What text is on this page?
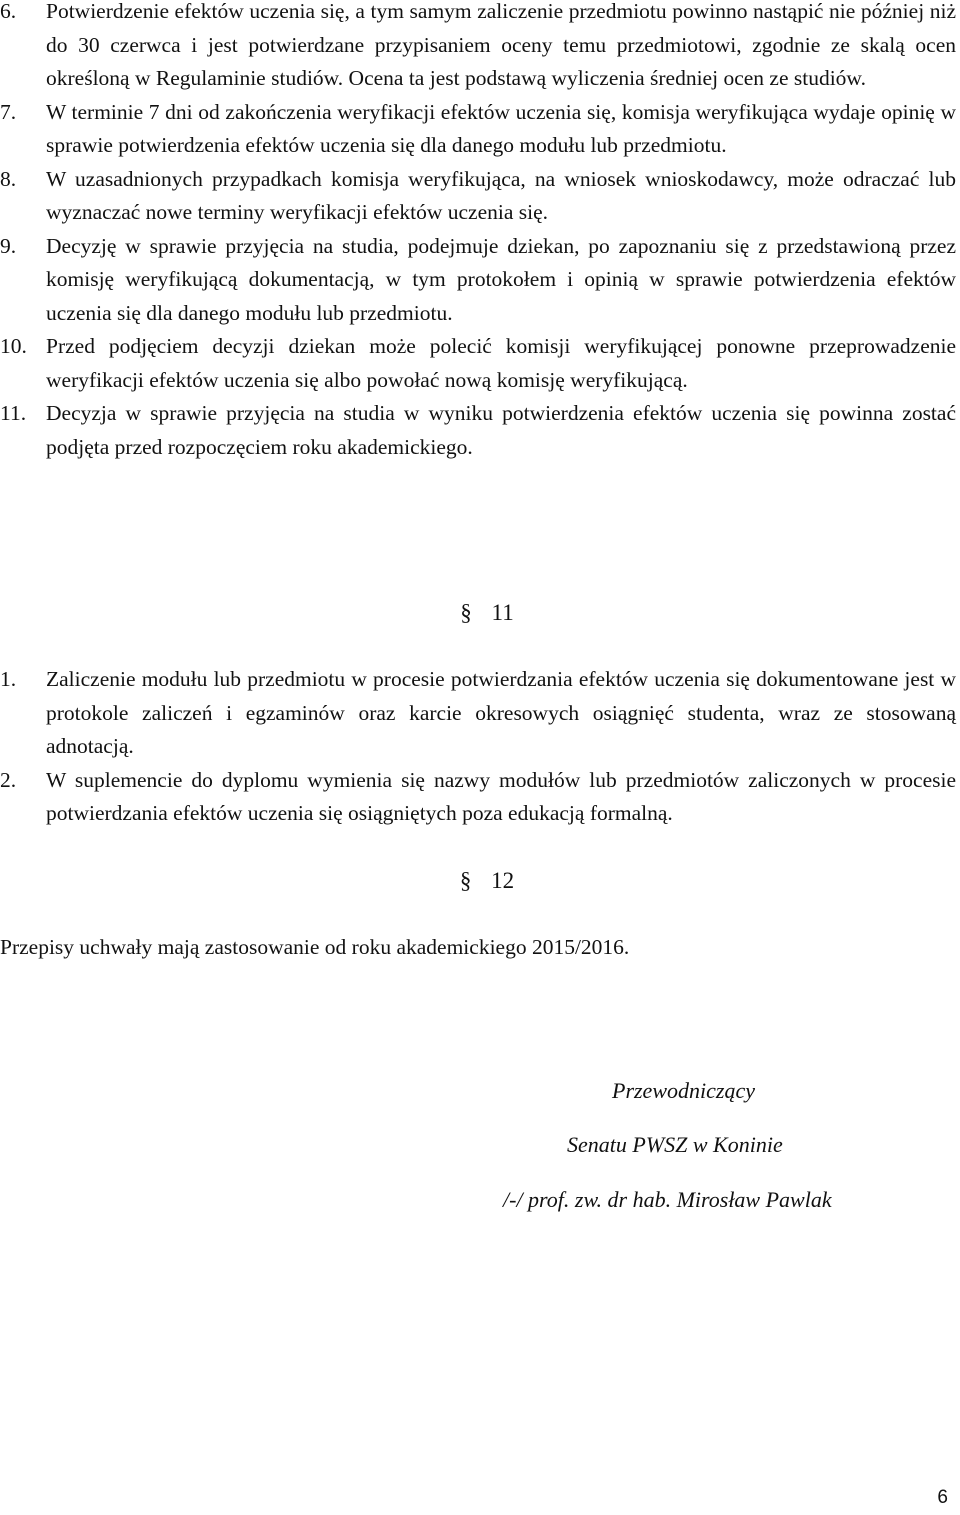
6.	Potwierdzenie efektów uczenia się, a tym samym zaliczenie przedmiotu powinno nastąpić nie później niż do 30 czerwca i jest potwierdzane przypisaniem oceny temu przedmiotowi, zgodnie ze skalą ocen określoną w Regulaminie studiów. Ocena ta jest podstawą wyliczenia średniej ocen ze studiów.
7.	W terminie 7 dni od zakończenia weryfikacji efektów uczenia się, komisja weryfikująca wydaje opinię w sprawie potwierdzenia efektów uczenia się dla danego modułu lub przedmiotu.
8.	W uzasadnionych przypadkach komisja weryfikująca, na wniosek wnioskodawcy, może odraczać lub wyznaczać nowe terminy weryfikacji efektów uczenia się.
9.	Decyzję w sprawie przyjęcia na studia, podejmuje dziekan, po zapoznaniu się z przedstawioną przez komisję weryfikującą dokumentacją, w tym protokołem i opinią w sprawie potwierdzenia efektów uczenia się dla danego modułu lub przedmiotu.
10. Przed podjęciem decyzji dziekan może polecić komisji weryfikującej ponowne przeprowadzenie weryfikacji efektów uczenia się albo powołać nową komisję weryfikującą.
11. Decyzja w sprawie przyjęcia na studia w wyniku potwierdzenia efektów uczenia się powinna zostać podjęta przed rozpoczęciem roku akademickiego.
§ 11
1.	Zaliczenie modułu lub przedmiotu w procesie potwierdzania efektów uczenia się dokumentowane jest w protokole zaliczeń i egzaminów oraz karcie okresowych osiągnięć studenta, wraz ze stosowaną adnotacją.
2.	W suplemencie do dyplomu wymienia się nazwy modułów lub przedmiotów zaliczonych w procesie potwierdzania efektów uczenia się osiągniętych poza edukacją formalną.
§ 12
Przepisy uchwały mają zastosowanie od roku akademickiego 2015/2016.
Przewodniczący
Senatu PWSZ w Koninie
/-/ prof. zw. dr hab. Mirosław Pawlak
6
